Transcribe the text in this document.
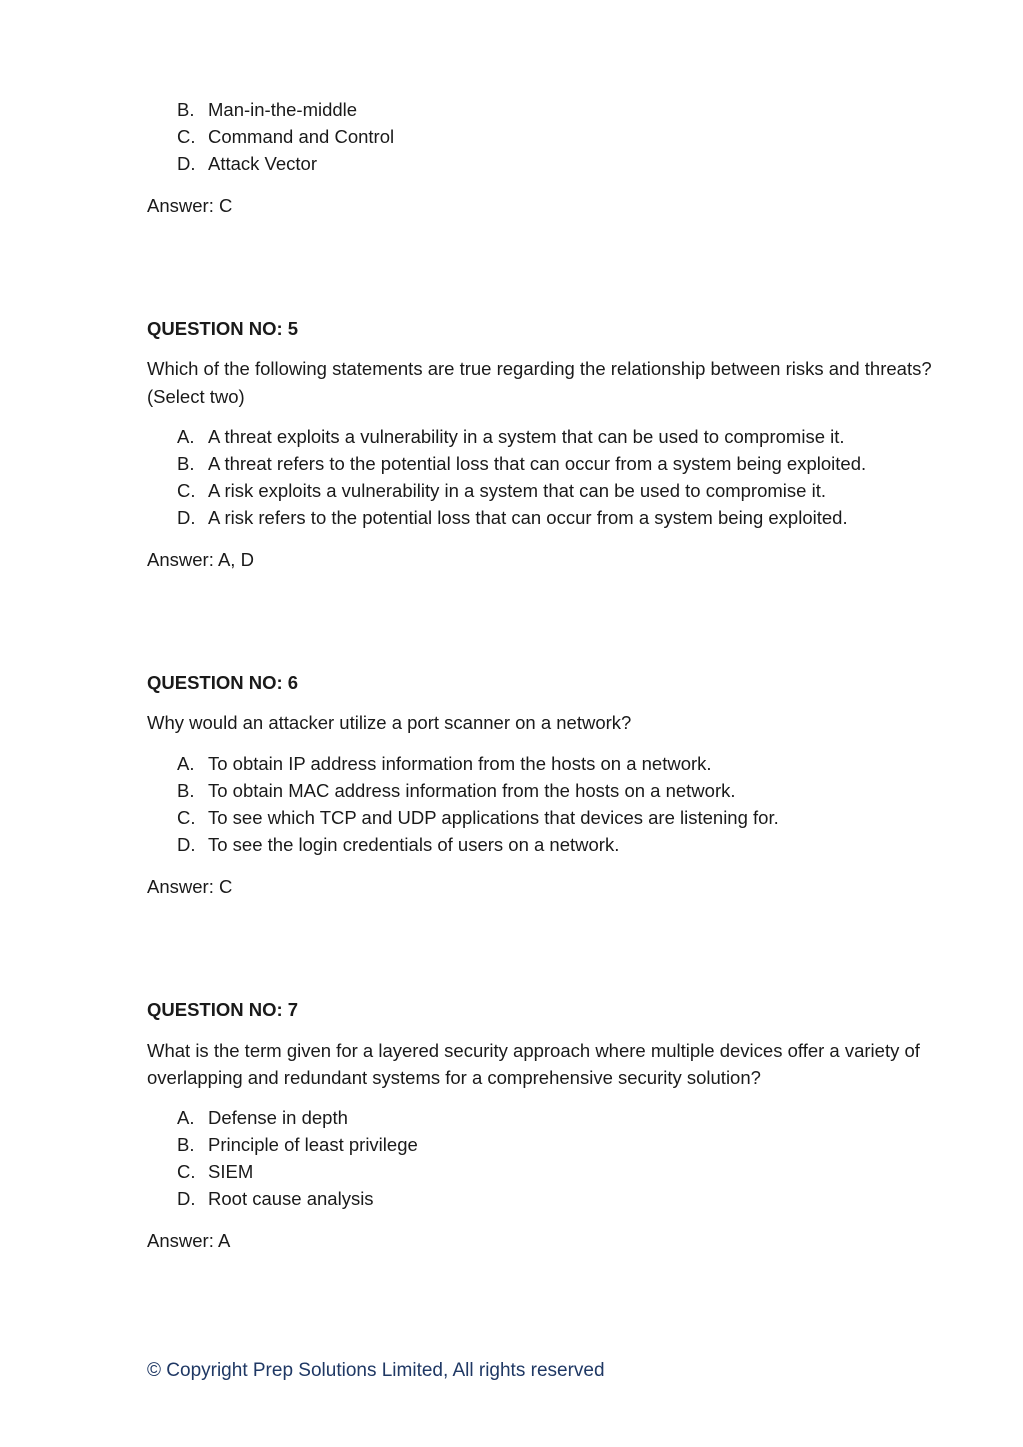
B. Man-in-the-middle
C. Command and Control
D. Attack Vector
Answer: C
QUESTION NO: 5
Which of the following statements are true regarding the relationship between risks and threats?
(Select two)
A. A threat exploits a vulnerability in a system that can be used to compromise it.
B. A threat refers to the potential loss that can occur from a system being exploited.
C. A risk exploits a vulnerability in a system that can be used to compromise it.
D. A risk refers to the potential loss that can occur from a system being exploited.
Answer: A, D
QUESTION NO: 6
Why would an attacker utilize a port scanner on a network?
A. To obtain IP address information from the hosts on a network.
B. To obtain MAC address information from the hosts on a network.
C. To see which TCP and UDP applications that devices are listening for.
D. To see the login credentials of users on a network.
Answer: C
QUESTION NO: 7
What is the term given for a layered security approach where multiple devices offer a variety of
overlapping and redundant systems for a comprehensive security solution?
A. Defense in depth
B. Principle of least privilege
C. SIEM
D. Root cause analysis
Answer: A
© Copyright Prep Solutions Limited, All rights reserved
